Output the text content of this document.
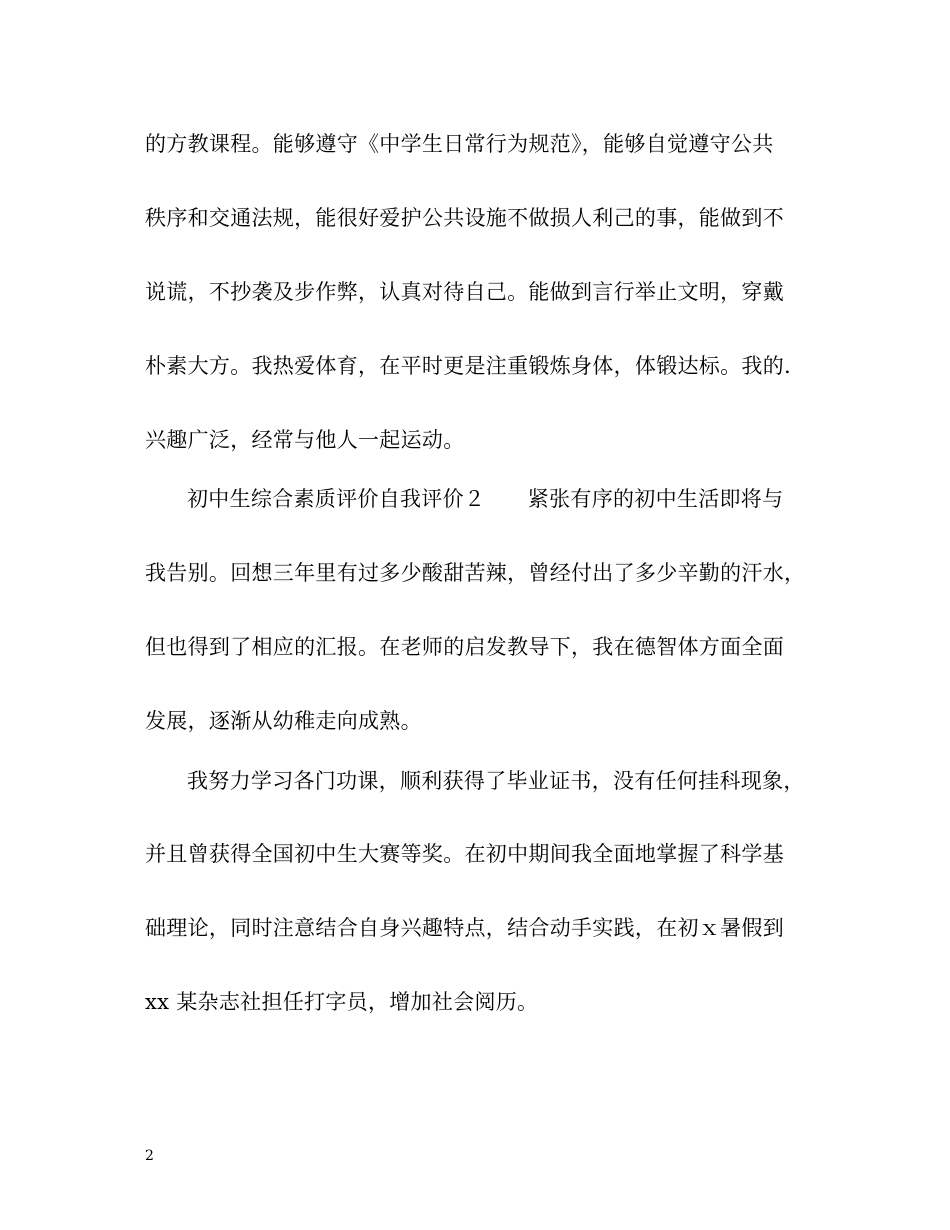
的方教课程。能够遵守《中学生日常行为规范》，能够自觉遵守公共
秩序和交通法规，能很好爱护公共设施不做损人利己的事，能做到不
说谎，不抄袭及步作弊，认真对待自己。能做到言行举止文明，穿戴
朴素大方。我热爱体育，在平时更是注重锻炼身体，体锻达标。我的.
兴趣广泛，经常与他人一起运动。
初中生综合素质评价自我评价２　　紧张有序的初中生活即将与
我告别。回想三年里有过多少酸甜苦辣，曾经付出了多少辛勤的汗水，
但也得到了相应的汇报。在老师的启发教导下，我在德智体方面全面
发展，逐渐从幼稚走向成熟。
我努力学习各门功课，顺利获得了毕业证书，没有任何挂科现象，
并且曾获得全国初中生大赛等奖。在初中期间我全面地掌握了科学基
础理论，同时注意结合自身兴趣特点，结合动手实践，在初ｘ暑假到
xx 某杂志社担任打字员，增加社会阅历。
2
